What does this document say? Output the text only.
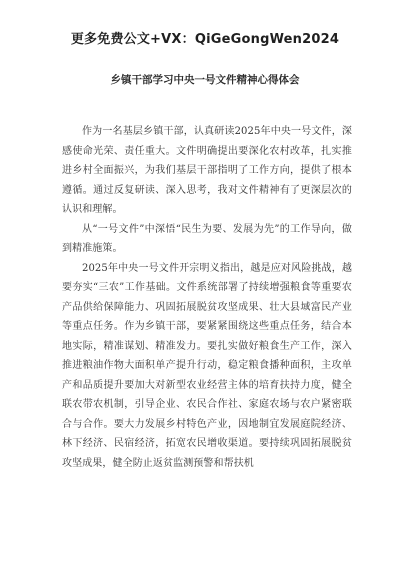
更多免费公文+VX：QiGeGongWen2024
乡镇干部学习中央一号文件精神心得体会

作为一名基层乡镇干部，认真研读2025年中央一号文件，深感使命光荣、责任重大。文件明确提出要深化农村改革，扎实推进乡村全面振兴，为我们基层干部指明了工作方向，提供了根本遵循。通过反复研读、深入思考，我对文件精神有了更深层次的认识和理解。

从“一号文件”中深悟“民生为要、发展为先”的工作导向，做到精准施策。

2025年中央一号文件开宗明义指出，越是应对风险挑战，越要夯实“三农”工作基础。文件系统部署了持续增强粮食等重要农产品供给保障能力、巩固拓展脱贫攻坚成果、壮大县域富民产业等重点任务。作为乡镇干部，要紧紧围绕这些重点任务，结合本地实际，精准谋划、精准发力。要扎实做好粮食生产工作，深入推进粮油作物大面积单产提升行动，稳定粮食播种面积，主攻单产和品质提升要加大对新型农业经营主体的培育扶持力度，健全联农带农机制，引导企业、农民合作社、家庭农场与农户紧密联合与合作。要大力发展乡村特色产业，因地制宜发展庭院经济、林下经济、民宿经济，拓宽农民增收渠道。要持续巩固拓展脱贫攻坚成果，健全防止返贫监测预警和帮扶机
